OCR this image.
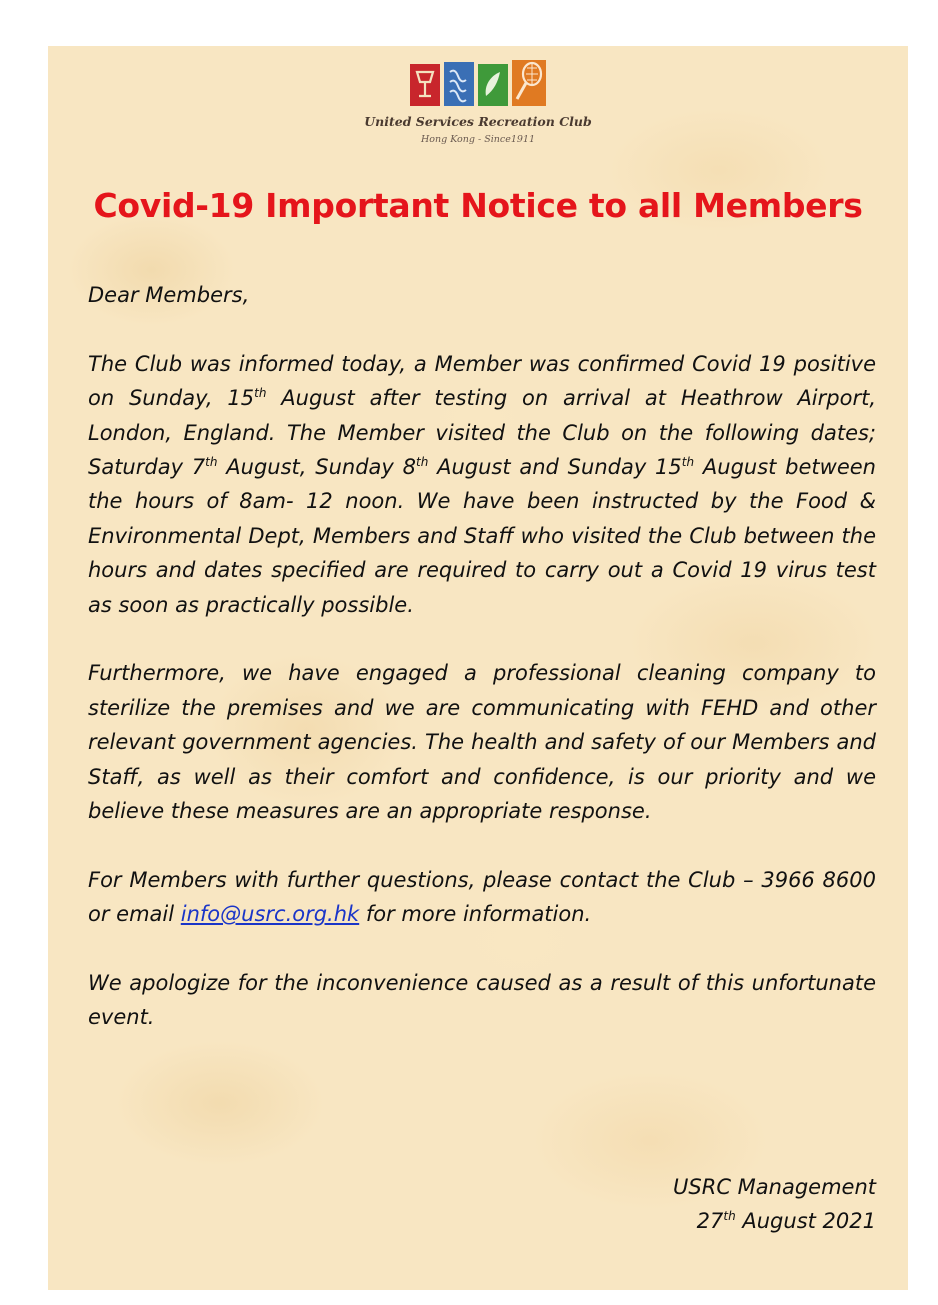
United Services Recreation Club
Hong Kong - Since1911
Covid-19 Important Notice to all Members

Dear Members,

The Club was informed today, a Member was confirmed Covid 19 positive on Sunday, 15th August after testing on arrival at Heathrow Airport, London, England. The Member visited the Club on the following dates; Saturday 7th August, Sunday 8th August and Sunday 15th August between the hours of 8am- 12 noon. We have been instructed by the Food & Environmental Dept, Members and Staff who visited the Club between the hours and dates specified are required to carry out a Covid 19 virus test as soon as practically possible.

Furthermore, we have engaged a professional cleaning company to sterilize the premises and we are communicating with FEHD and other relevant government agencies. The health and safety of our Members and Staff, as well as their comfort and confidence, is our priority and we believe these measures are an appropriate response.

For Members with further questions, please contact the Club – 3966 8600 or email info@usrc.org.hk for more information.

We apologize for the inconvenience caused as a result of this unfortunate event.

USRC Management
27th August 2021
